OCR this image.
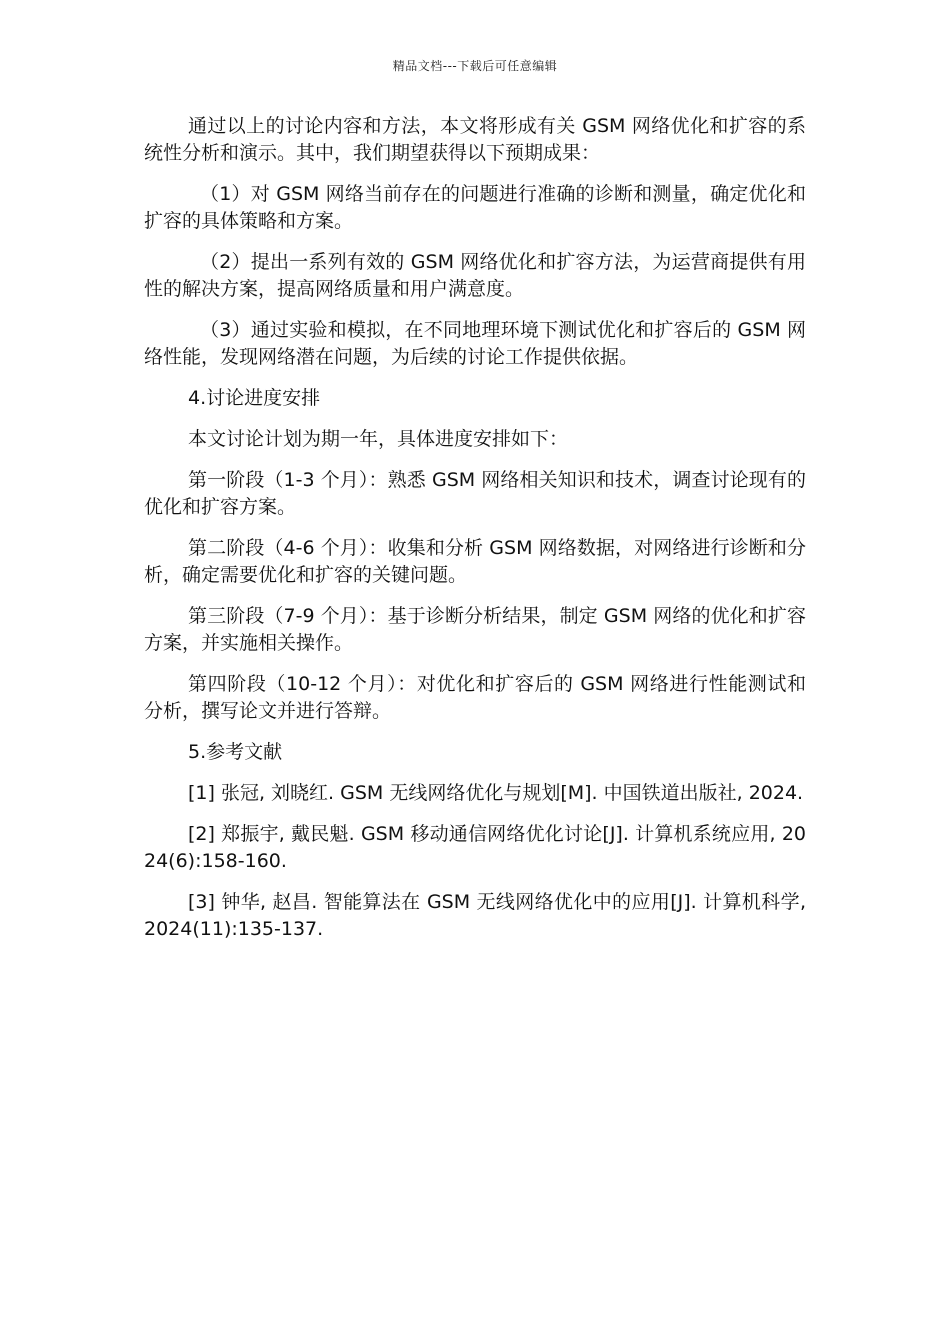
精品文档---下载后可任意编辑

通过以上的讨论内容和方法，本文将形成有关 GSM 网络优化和扩容的系统性分析和演示。其中，我们期望获得以下预期成果：

（1）对 GSM 网络当前存在的问题进行准确的诊断和测量，确定优化和扩容的具体策略和方案。

（2）提出一系列有效的 GSM 网络优化和扩容方法，为运营商提供有用性的解决方案，提高网络质量和用户满意度。

（3）通过实验和模拟，在不同地理环境下测试优化和扩容后的 GSM 网络性能，发现网络潜在问题，为后续的讨论工作提供依据。

4.讨论进度安排

本文讨论计划为期一年，具体进度安排如下：

第一阶段（1-3 个月）：熟悉 GSM 网络相关知识和技术，调查讨论现有的优化和扩容方案。

第二阶段（4-6 个月）：收集和分析 GSM 网络数据，对网络进行诊断和分析，确定需要优化和扩容的关键问题。

第三阶段（7-9 个月）：基于诊断分析结果，制定 GSM 网络的优化和扩容方案，并实施相关操作。

第四阶段（10-12 个月）：对优化和扩容后的 GSM 网络进行性能测试和分析，撰写论文并进行答辩。

5.参考文献

[1] 张冠, 刘晓红. GSM 无线网络优化与规划[M]. 中国铁道出版社, 2024.

[2] 郑振宇, 戴民魁. GSM 移动通信网络优化讨论[J]. 计算机系统应用, 2024(6):158-160.

[3] 钟华, 赵昌. 智能算法在 GSM 无线网络优化中的应用[J]. 计算机科学, 2024(11):135-137.
